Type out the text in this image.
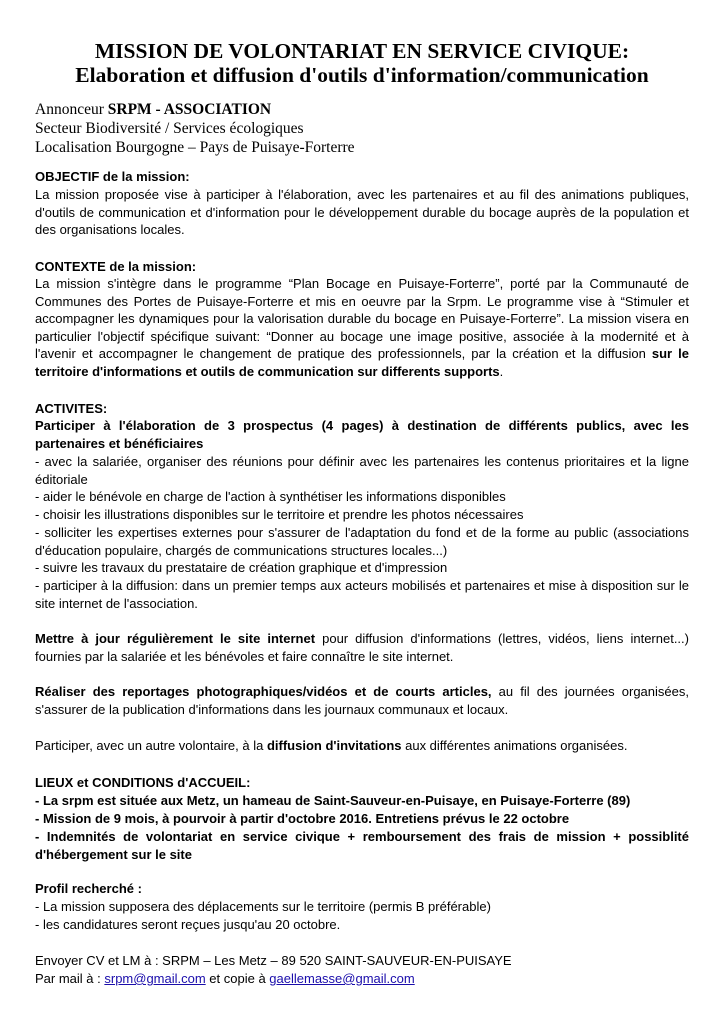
MISSION DE VOLONTARIAT EN SERVICE CIVIQUE:
Elaboration et diffusion d'outils d'information/communication
Annonceur SRPM - ASSOCIATION
Secteur Biodiversité / Services écologiques
Localisation Bourgogne – Pays de Puisaye-Forterre
OBJECTIF de la mission:
La mission proposée vise à participer à l'élaboration, avec les partenaires et au fil des animations publiques, d'outils de communication et d'information pour le développement durable du bocage auprès de la population et des organisations locales.
CONTEXTE de la mission:
La mission s'intègre dans le programme “Plan Bocage en Puisaye-Forterre”, porté par la Communauté de Communes des Portes de Puisaye-Forterre et mis en oeuvre par la Srpm. Le programme vise à “Stimuler et accompagner les dynamiques pour la valorisation durable du bocage en Puisaye-Forterre”. La mission visera en particulier l'objectif spécifique suivant: “Donner au bocage une image positive, associée à la modernité et à l'avenir et accompagner le changement de pratique des professionnels, par la création et la diffusion sur le territoire d'informations et outils de communication sur differents supports.
ACTIVITES:
Participer à l'élaboration de 3 prospectus (4 pages) à destination de différents publics, avec les partenaires et bénéficiaires
- avec la salariée, organiser des réunions pour définir avec les partenaires les contenus prioritaires et la ligne éditoriale
- aider le bénévole en charge de l'action à synthétiser les informations disponibles
- choisir les illustrations disponibles sur le territoire et prendre les photos nécessaires
- solliciter les expertises externes pour s'assurer de l'adaptation du fond et de la forme au public (associations d'éducation populaire, chargés de communications structures locales...)
- suivre les travaux du prestataire de création graphique et d'impression
- participer à la diffusion: dans un premier temps aux acteurs mobilisés et partenaires et mise à disposition sur le site internet de l'association.
Mettre à jour régulièrement le site internet pour diffusion d'informations (lettres, vidéos, liens internet...) fournies par la salariée et les bénévoles et faire connaître le site internet.
Réaliser des reportages photographiques/vidéos et de courts articles, au fil des journées organisées, s'assurer de la publication d'informations dans les journaux communaux et locaux.
Participer, avec un autre volontaire, à la diffusion d'invitations aux différentes animations organisées.
LIEUX et CONDITIONS d'ACCUEIL:
- La srpm est située aux Metz, un hameau de Saint-Sauveur-en-Puisaye, en Puisaye-Forterre (89)
- Mission de 9 mois, à pourvoir à partir d'octobre 2016. Entretiens prévus le 22 octobre
- Indemnités de volontariat en service civique + remboursement des frais de mission + possiblité d'hébergement sur le site
Profil recherché :
- La mission supposera des déplacements sur le territoire (permis B préférable)
- les candidatures seront reçues jusqu'au 20 octobre.
Envoyer CV et LM à : SRPM – Les Metz – 89 520 SAINT-SAUVEUR-EN-PUISAYE
Par mail à : srpm@gmail.com et copie à gaellemasse@gmail.com
